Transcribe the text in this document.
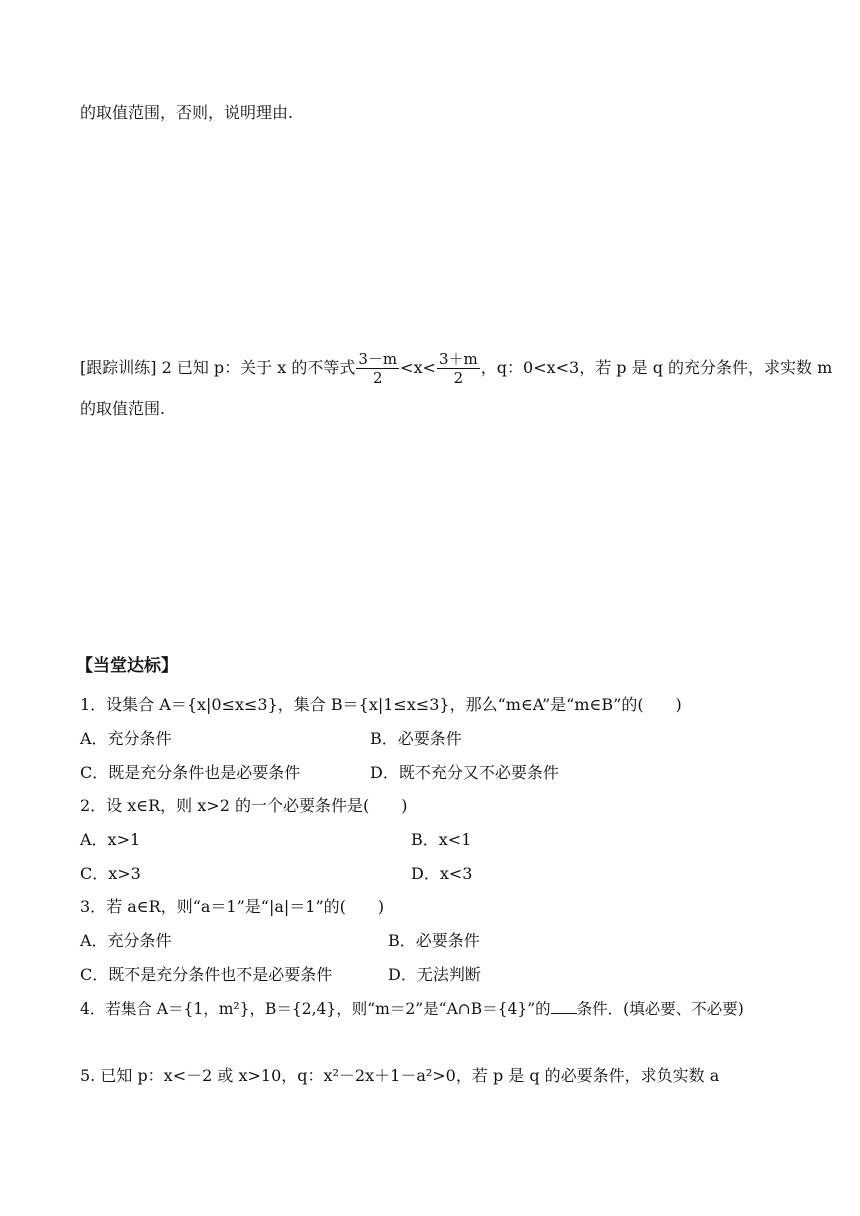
的取值范围，否则，说明理由.
[跟踪训练] 2 已知 p：关于 x 的不等式 $\frac{3-m}{2} <x< \frac{3+m}{2}$ ，q：0<x<3，若 p 是 q 的充分条件，求实数 m
的取值范围.
【当堂达标】
1．设集合 A＝{x|0≤x≤3}，集合 B＝{x|1≤x≤3}，那么“m∈A”是“m∈B”的(　　)
A．充分条件	B．必要条件
C．既是充分条件也是必要条件	D．既不充分又不必要条件
2．设 x∈R，则 x>2 的一个必要条件是(　　)
A．x>1	B．x<1
C．x>3	D．x<3
3．若 a∈R，则“a＝1”是“|a|＝1”的(　　)
A．充分条件	B．必要条件
C．既不是充分条件也不是必要条件	D．无法判断
4．若集合 A＝{1，m²}，B＝{2,4}，则“m＝2”是“A∩B＝{4}”的 条件．(填必要、不必要)
5. 已知 p：x<－2 或 x>10，q：x²－2x＋1－a²>0，若 p 是 q 的必要条件，求负实数 a
